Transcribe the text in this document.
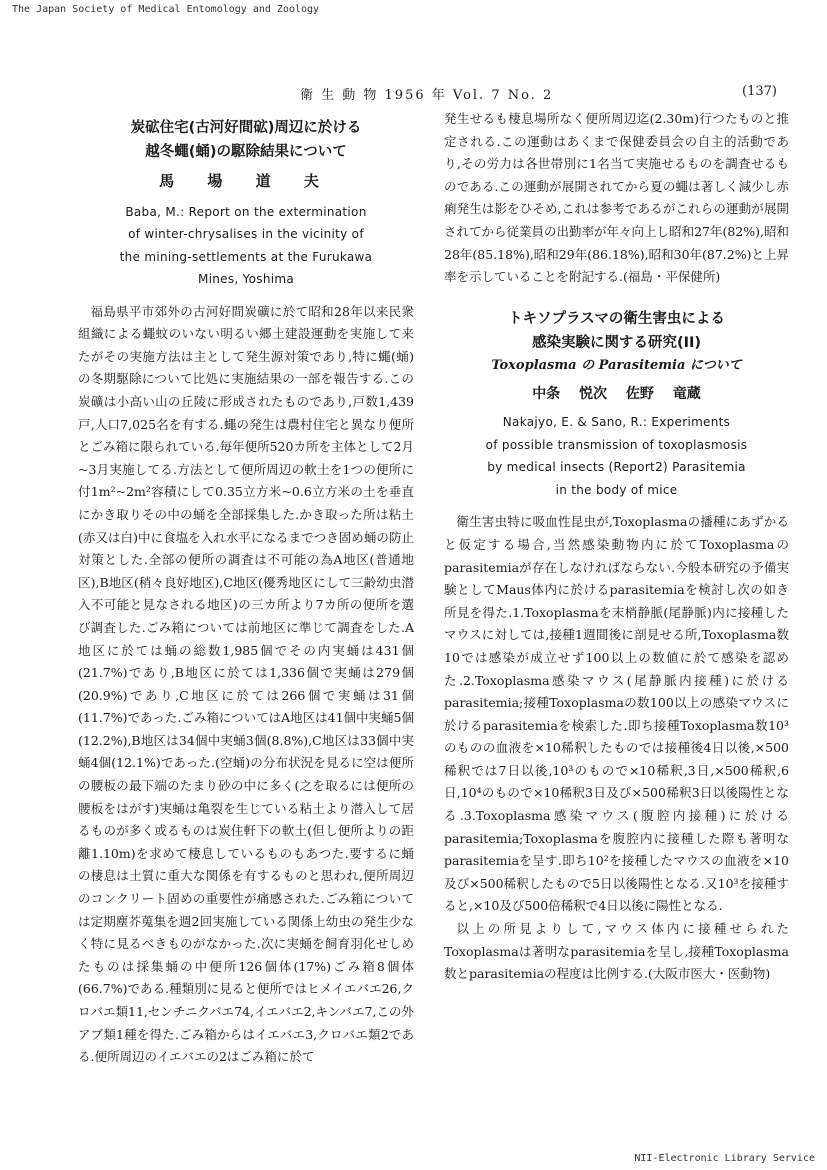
The Japan Society of Medical Entomology and Zoology
衛 生 動 物 1956 年 Vol. 7 No. 2	(137)
炭砿住宅(古河好間砿)周辺に於ける
越冬蠅(蛹)の駆除結果について
馬 場 道 夫
Baba, M.: Report on the extermination
of winter-chrysalises in the vicinity of
the mining-settlements at the Furukawa
Mines, Yoshima

福島県平市郊外の古河好間炭礦に於て昭和28年以来民衆組織による蠅蚊のいない明るい郷土建設運動を実施して来たがその実施方法は主として発生源対策であり,特に蠅(蛹)の冬期駆除について比処に実施結果の一部を報告する.この炭礦は小高い山の丘陵に形成されたものであり,戸数1,439戸,人口7,025名を有する.蠅の発生は農村住宅と異なり便所とごみ箱に限られている.毎年便所520カ所を主体として2月~3月実施してる.方法として便所周辺の軟土を1つの便所に付1m²~2m²容積にして0.35立方米~0.6立方米の土を垂直にかき取りその中の蛹を全部採集した.かき取った所は粘土(赤又は白)中に食塩を入れ水平になるまでつき固め蛹の防止対策とした.全部の便所の調査は不可能の為A地区(普通地区),B地区(稍々良好地区),C地区(優秀地区にして三齢幼虫潜入不可能と見なされる地区)の三カ所より7カ所の便所を選び調査した.ごみ箱については前地区に準じて調査をした.A地区に於ては蛹の総数1,985個でその内実蛹は431個(21.7%)であり,B地区に於ては1,336個で実蛹は279個(20.9%)であり,C地区に於ては266個で実蛹は31個(11.7%)であった.ごみ箱についてはA地区は41個中実蛹5個(12.2%),B地区は34個中実蛹3個(8.8%),C地区は33個中実蛹4個(12.1%)であった.(空蛹)の分布状況を見るに空は便所の腰板の最下端のたまり砂の中に多く(之を取るには便所の腰板をはがす)実蛹は亀裂を生じている粘土より潜入して居るものが多く或るものは炭住軒下の軟土(但し便所よりの距離1.10m)を求めて棲息しているものもあつた.要するに蛹の棲息は土質に重大な関係を有するものと思われ,便所周辺のコンクリート固めの重要性が痛感された.ごみ箱については定期塵芥蒐集を週2回実施している関係上幼虫の発生少なく特に見るべきものがなかった.次に実蛹を飼育羽化せしめたものは採集蛹の中便所126個体(17%)ごみ箱8個体(66.7%)である.種類別に見ると便所ではヒメイエバエ26,クロバエ類11,センチニクバエ74,イエバエ2,キンバエ7,この外アブ類1種を得た.ごみ箱からはイエバエ3,クロバエ類2である.便所周辺のイエバエの2はごみ箱に於て

発生せるも棲息場所なく便所周辺迄(2.30m)行つたものと推定される.この運動はあくまで保健委員会の自主的活動であり,その労力は各世帯別に1名当て実施せるものを調査せるものである.この運動が展開されてから夏の蠅は著しく減少し赤痢発生は影をひそめ,これは参考であるがこれらの運動が展開されてから従業員の出勤率が年々向上し昭和27年(82%),昭和28年(85.18%),昭和29年(86.18%),昭和30年(87.2%)と上昇率を示していることを附記する.(福島・平保健所)

トキソプラスマの衛生害虫による
感染実験に関する研究(II)
Toxoplasma の Parasitemia について
中条 悦次 佐野 竜蔵
Nakajyo, E. & Sano, R.: Experiments
of possible transmission of toxoplasmosis
by medical insects (Report2) Parasitemia
in the body of mice

衛生害虫特に吸血性昆虫が,Toxoplasmaの播種にあずかると仮定する場合,当然感染動物内に於てToxoplasmaのparasitemiaが存在しなければならない.今般本研究の予備実験としてMaus体内に於けるparasitemiaを検討し次の如き所見を得た.1.Toxoplasmaを末梢静脈(尾静脈)内に接種したマウスに対しては,接種1週間後に剖見せる所,Toxoplasma数10では感染が成立せず100以上の数値に於て感染を認めた.2.Toxoplasma感染マウス(尾静脈内接種)に於けるparasitemia;接種Toxoplasmaの数100以上の感染マウスに於けるparasitemiaを検索した.即ち接種Toxoplasma数10³のものの血液を×10稀釈したものでは接種後4日以後,×500稀釈では7日以後,10³のもので×10稀釈,3日,×500稀釈,6日,10⁴のもので×10稀釈3日及び×500稀釈3日以後陽性となる.3.Toxoplasma感染マウス(腹腔内接種)に於けるparasitemia;Toxoplasmaを腹腔内に接種した際も著明なparasitemiaを呈す.即ち10²を接種したマウスの血液を×10及び×500稀釈したもので5日以後陽性となる.又10³を接種すると,×10及び500倍稀釈で4日以後に陽性となる.

以上の所見よりして,マウス体内に接種せられたToxoplasmaは著明なparasitemiaを呈し,接種Toxoplasma数とparasitemiaの程度は比例する.(大阪市医大・医動物)

NII-Electronic Library Service
